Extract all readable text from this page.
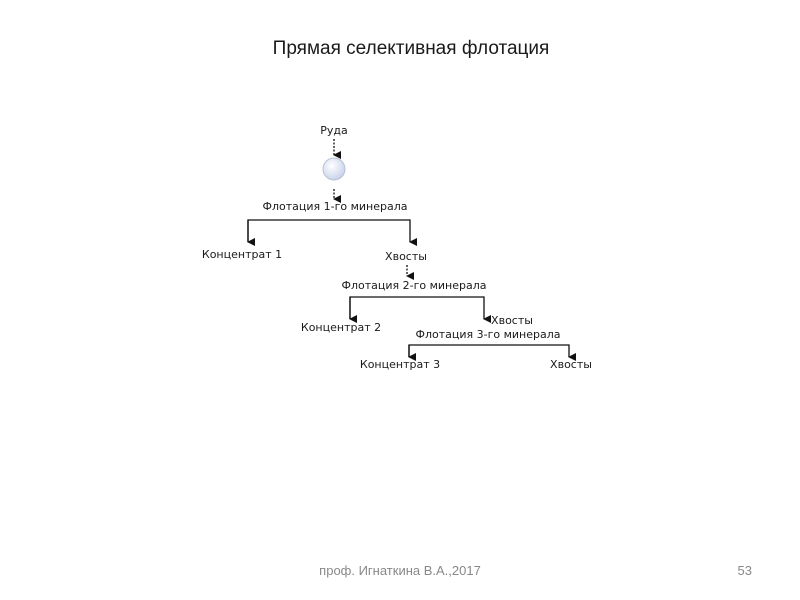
Прямая селективная флотация
Руда
Флотация 1-го минерала
Концентрат 1	Хвосты
Флотация 2-го минерала
Концентрат 2
Хвосты
Флотация 3-го минерала
Концентрат 3	Хвосты
проф. Игнаткина В.А.,2017	53
